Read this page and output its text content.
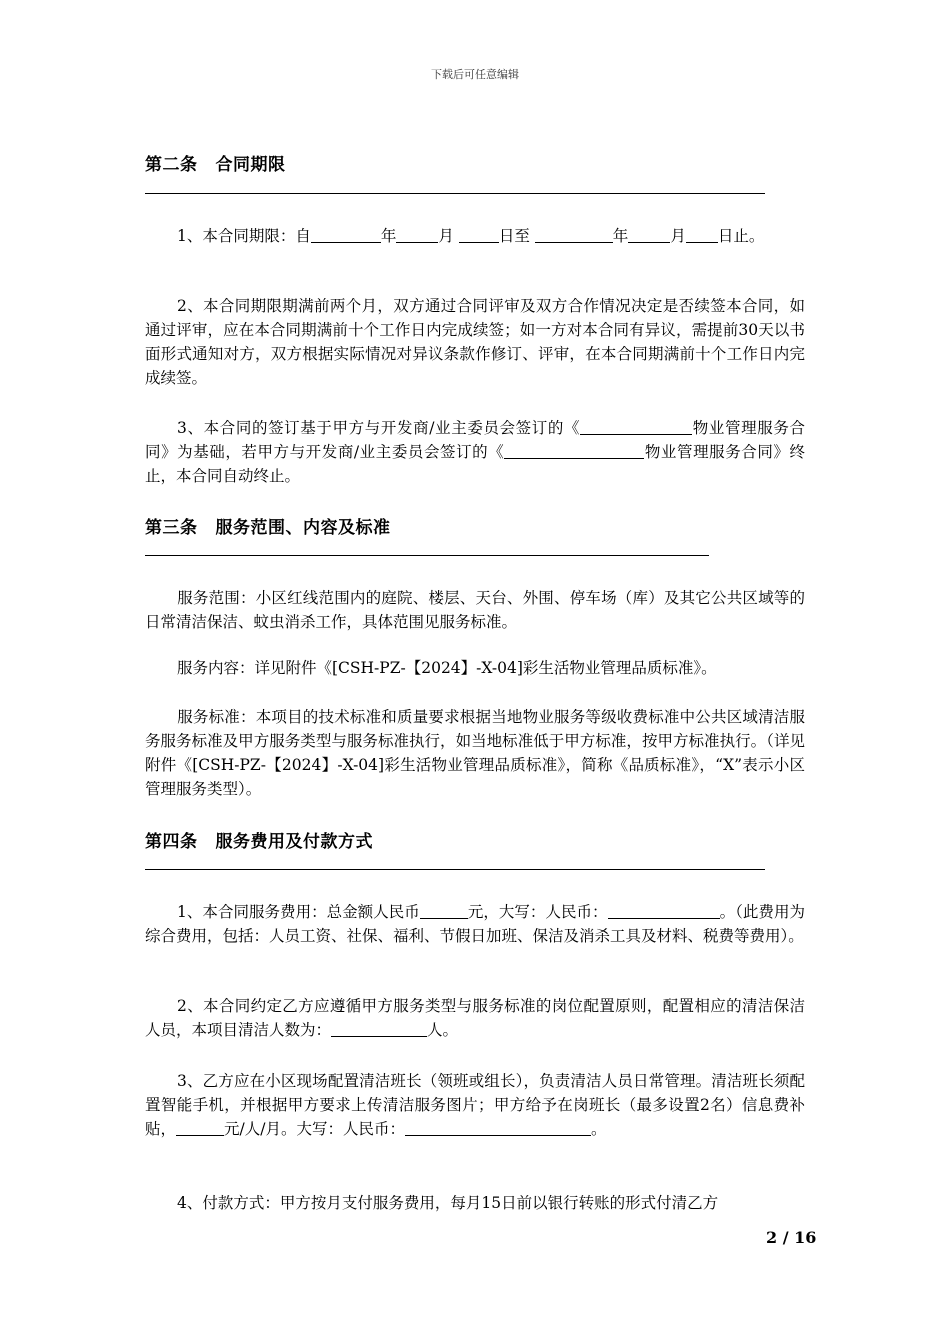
下载后可任意编辑
第二条 合同期限
1、本合同期限：自	年	月	日至	年	月 日止。
2、本合同期限期满前两个月，双方通过合同评审及双方合作情况决定是否续签本合同，如通过评审，应在本合同期满前十个工作日内完成续签；如一方对本合同有异议，需提前30天以书面形式通知对方，双方根据实际情况对异议条款作修订、评审，在本合同期满前十个工作日内完成续签。
3、本合同的签订基于甲方与开发商/业主委员会签订的《	物业管理服务合同》为基础，若甲方与开发商/业主委员会签订的《	物业管理服务合同》终止，本合同自动终止。
第三条 服务范围、内容及标准
服务范围：小区红线范围内的庭院、楼层、天台、外围、停车场（库）及其它公共区域等的日常清洁保洁、蚊虫消杀工作，具体范围见服务标准。
服务内容：详见附件《[CSH-PZ-【2024】-X-04]彩生活物业管理品质标准》。
服务标准：本项目的技术标准和质量要求根据当地物业服务等级收费标准中公共区域清洁服务服务标准及甲方服务类型与服务标准执行，如当地标准低于甲方标准，按甲方标准执行。（详见附件《[CSH-PZ-【2024】-X-04]彩生活物业管理品质标准》，简称《品质标准》，“X”表示小区管理服务类型）。
第四条 服务费用及付款方式
1、本合同服务费用：总金额人民币	元，大写：人民币：	。（此费用为综合费用，包括：人员工资、社保、福利、节假日加班、保洁及消杀工具及材料、税费等费用）。
2、本合同约定乙方应遵循甲方服务类型与服务标准的岗位配置原则，配置相应的清洁保洁人员，本项目清洁人数为：	人。
3、乙方应在小区现场配置清洁班长（领班或组长），负责清洁人员日常管理。清洁班长须配置智能手机，并根据甲方要求上传清洁服务图片；甲方给予在岗班长（最多设置2名）信息费补贴，	元/人/月。大写：人民币：	。
4、付款方式：甲方按月支付服务费用，每月15日前以银行转账的形式付清乙方
2 / 16
